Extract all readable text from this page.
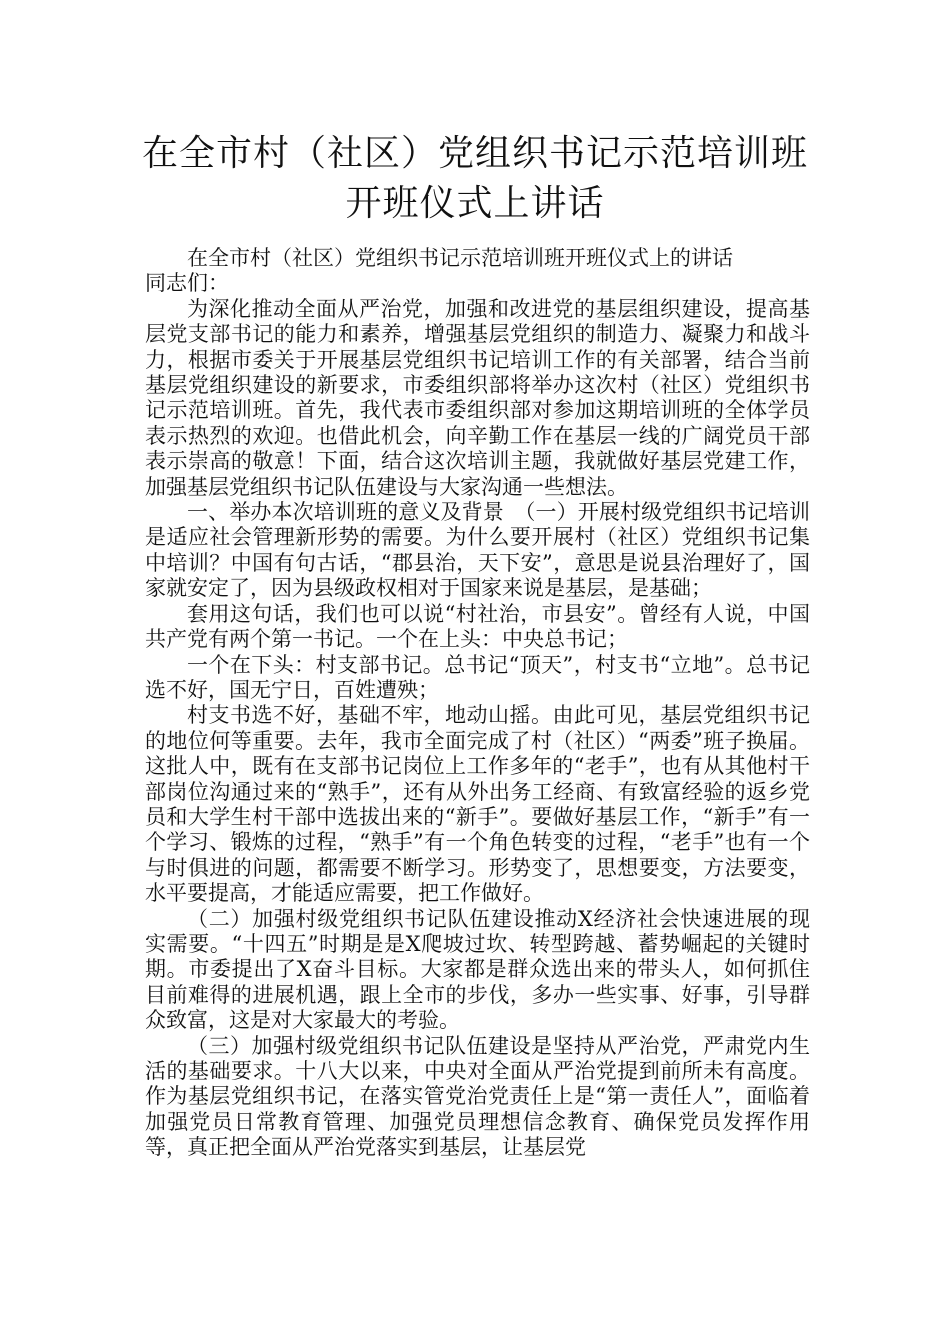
在全市村（社区）党组织书记示范培训班
开班仪式上讲话

在全市村（社区）党组织书记示范培训班开班仪式上的讲话

同志们：

为深化推动全面从严治党，加强和改进党的基层组织建设，提高基层党支部书记的能力和素养，增强基层党组织的制造力、凝聚力和战斗力，根据市委关于开展基层党组织书记培训工作的有关部署，结合当前基层党组织建设的新要求，市委组织部将举办这次村（社区）党组织书记示范培训班。首先，我代表市委组织部对参加这期培训班的全体学员表示热烈的欢迎。也借此机会，向辛勤工作在基层一线的广阔党员干部表示崇高的敬意！下面，结合这次培训主题，我就做好基层党建工作，加强基层党组织书记队伍建设与大家沟通一些想法。

一、举办本次培训班的意义及背景　（一）开展村级党组织书记培训是适应社会管理新形势的需要。为什么要开展村（社区）党组织书记集中培训？中国有句古话，“郡县治，天下安”，意思是说县治理好了，国家就安定了，因为县级政权相对于国家来说是基层，是基础；

套用这句话，我们也可以说“村社治，市县安”。曾经有人说，中国共产党有两个第一书记。一个在上头：中央总书记；

一个在下头：村支部书记。总书记“顶天”，村支书“立地”。总书记选不好，国无宁日，百姓遭殃；

村支书选不好，基础不牢，地动山摇。由此可见，基层党组织书记的地位何等重要。去年，我市全面完成了村（社区）“两委”班子换届。这批人中，既有在支部书记岗位上工作多年的“老手”，也有从其他村干部岗位沟通过来的“熟手”，还有从外出务工经商、有致富经验的返乡党员和大学生村干部中选拔出来的“新手”。要做好基层工作，“新手”有一个学习、锻炼的过程，“熟手”有一个角色转变的过程，“老手”也有一个与时俱进的问题，都需要不断学习。形势变了，思想要变，方法要变，水平要提高，才能适应需要，把工作做好。

（二）加强村级党组织书记队伍建设推动X经济社会快速进展的现实需要。“十四五”时期是是X爬坡过坎、转型跨越、蓄势崛起的关键时期。市委提出了X奋斗目标。大家都是群众选出来的带头人，如何抓住目前难得的进展机遇，跟上全市的步伐，多办一些实事、好事，引导群众致富，这是对大家最大的考验。

（三）加强村级党组织书记队伍建设是坚持从严治党，严肃党内生活的基础要求。十八大以来，中央对全面从严治党提到前所未有高度。作为基层党组织书记，在落实管党治党责任上是“第一责任人”，面临着加强党员日常教育管理、加强党员理想信念教育、确保党员发挥作用等，真正把全面从严治党落实到基层，让基层党
